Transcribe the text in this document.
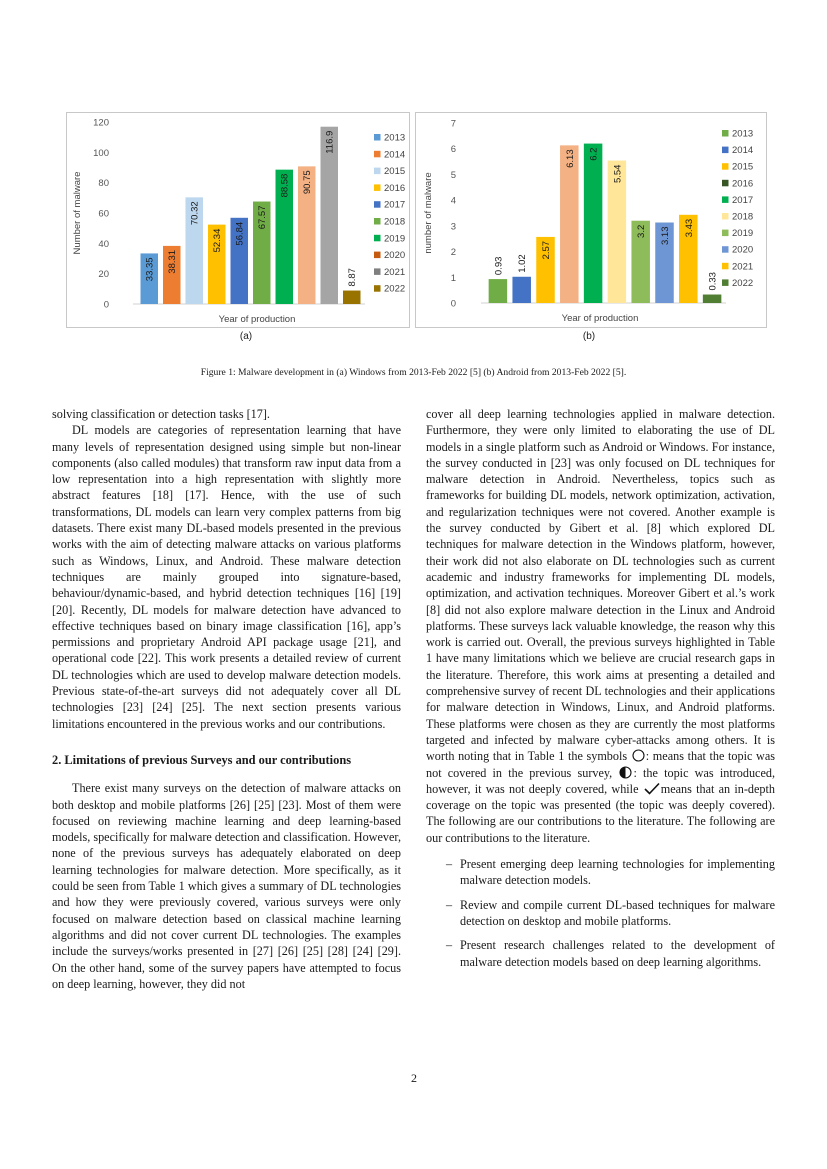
0
20
40
60
80
100
120
Number of malware
Year of production
33.35 38.31
70.32
52.34 56.84
67.57
88.58 90.75
116.9
8.87
2013
2014
2015
2016
2017
2018
2019
2020
2021
2022
0
1
2
3
4
5
6
7
number of malware
Year of production
0.93 1.02
2.57
6.13 6.2
5.54
3.2 3.13 3.43
0.33
2013
2014
2015
2016
2017
2018
2019
2020
2021
2022
(a)	(b)
Figure 1: Malware development in (a) Windows from 2013-Feb 2022 [5] (b) Android from 2013-Feb 2022 [5].

solving classification or detection tasks [17].

DL models are categories of representation learning that have many levels of representation designed using simple but non-linear components (also called modules) that transform raw input data from a low representation into a high representation with slightly more abstract features [18] [17]. Hence, with the use of such transformations, DL models can learn very complex patterns from big datasets. There exist many DL-based models presented in the previous works with the aim of detecting malware attacks on various platforms such as Windows, Linux, and Android. These malware detection techniques are mainly grouped into signature-based, behaviour/dynamic-based, and hybrid detection techniques [16] [19] [20]. Recently, DL models for malware detection have advanced to effective techniques based on binary image classification [16], app’s permissions and proprietary Android API package usage [21], and operational code [22]. This work presents a detailed review of current DL technologies which are used to develop malware detection models. Previous state-of-the-art surveys did not adequately cover all DL technologies [23] [24] [25]. The next section presents various limitations encountered in the previous works and our contributions.

2. Limitations of previous Surveys and our contributions

There exist many surveys on the detection of malware attacks on both desktop and mobile platforms [26] [25] [23]. Most of them were focused on reviewing machine learning and deep learning-based models, specifically for malware detection and classification. However, none of the previous surveys has adequately elaborated on deep learning technologies for malware detection. More specifically, as it could be seen from Table 1 which gives a summary of DL technologies and how they were previously covered, various surveys were only focused on malware detection based on classical machine learning algorithms and did not cover current DL technologies. The examples include the surveys/works presented in [27] [26] [25] [28] [24] [29]. On the other hand, some of the survey papers have attempted to focus on deep learning, however, they did not

cover all deep learning technologies applied in malware detection. Furthermore, they were only limited to elaborating the use of DL models in a single platform such as Android or Windows. For instance, the survey conducted in [23] was only focused on DL techniques for malware detection in Android. Nevertheless, topics such as frameworks for building DL models, network optimization, activation, and regularization techniques were not covered. Another example is the survey conducted by Gibert et al. [8] which explored DL techniques for malware detection in the Windows platform, however, their work did not also elaborate on DL technologies such as current academic and industry frameworks for implementing DL models, optimization, and activation techniques. Moreover Gibert et al.’s work [8] did not also explore malware detection in the Linux and Android platforms. These surveys lack valuable knowledge, the reason why this work is carried out. Overall, the previous surveys highlighted in Table 1 have many limitations which we believe are crucial research gaps in the literature. Therefore, this work aims at presenting a detailed and comprehensive survey of recent DL technologies and their applications for malware detection in Windows, Linux, and Android platforms. These platforms were chosen as they are currently the most platforms targeted and infected by malware cyber-attacks among others. It is worth noting that in Table 1 the symbols : means that the topic was not covered in the previous survey, : the topic was introduced, however, it was not deeply covered, while means that an in-depth coverage on the topic was presented (the topic was deeply covered). The following are our contributions to the literature. The following are our contributions to the literature.

– Present emerging deep learning technologies for implementing malware detection models.
– Review and compile current DL-based techniques for malware detection on desktop and mobile platforms.
– Present research challenges related to the development of malware detection models based on deep learning algorithms.
2
